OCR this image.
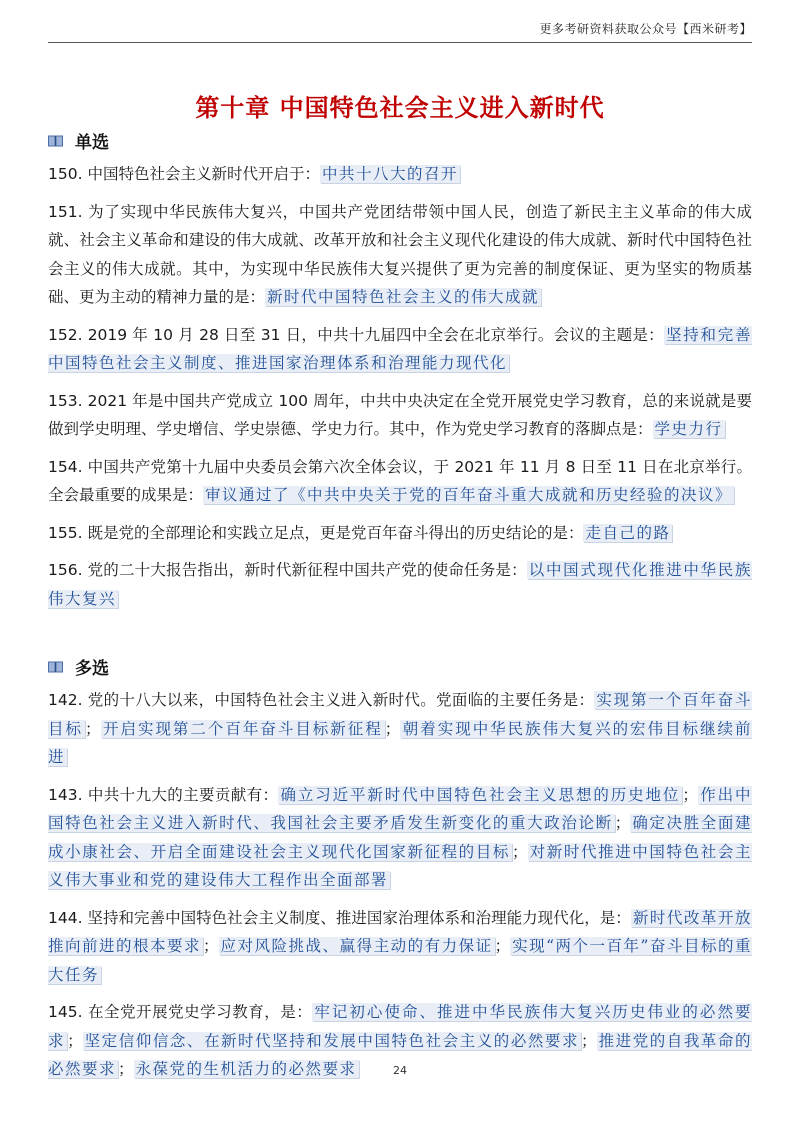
更多考研资料获取公众号【西米研考】
第十章 中国特色社会主义进入新时代
单选

150. 中国特色社会主义新时代开启于： 中共十八大的召开

151. 为了实现中华民族伟大复兴，中国共产党团结带领中国人民，创造了新民主主义革命的伟大成就、社会主义革命和建设的伟大成就、改革开放和社会主义现代化建设的伟大成就、新时代中国特色社会主义的伟大成就。其中，为实现中华民族伟大复兴提供了更为完善的制度保证、更为坚实的物质基础、更为主动的精神力量的是： 新时代中国特色社会主义的伟大成就

152. 2019 年 10 月 28 日至 31 日，中共十九届四中全会在北京举行。会议的主题是： 坚持和完善中国特色社会主义制度、推进国家治理体系和治理能力现代化

153. 2021 年是中国共产党成立 100 周年，中共中央决定在全党开展党史学习教育，总的来说就是要做到学史明理、学史增信、学史崇德、学史力行。其中，作为党史学习教育的落脚点是： 学史力行

154. 中国共产党第十九届中央委员会第六次全体会议，于 2021 年 11 月 8 日至 11 日在北京举行。全会最重要的成果是： 审议通过了《中共中央关于党的百年奋斗重大成就和历史经验的决议》

155. 既是党的全部理论和实践立足点，更是党百年奋斗得出的历史结论的是： 走自己的路

156. 党的二十大报告指出，新时代新征程中国共产党的使命任务是： 以中国式现代化推进中华民族伟大复兴

多选

142. 党的十八大以来，中国特色社会主义进入新时代。党面临的主要任务是： 实现第一个百年奋斗目标 ； 开启实现第二个百年奋斗目标新征程 ； 朝着实现中华民族伟大复兴的宏伟目标继续前进

143. 中共十九大的主要贡献有： 确立习近平新时代中国特色社会主义思想的历史地位 ； 作出中国特色社会主义进入新时代、我国社会主要矛盾发生新变化的重大政治论断 ； 确定决胜全面建成小康社会、开启全面建设社会主义现代化国家新征程的目标 ； 对新时代推进中国特色社会主义伟大事业和党的建设伟大工程作出全面部署

144. 坚持和完善中国特色社会主义制度、推进国家治理体系和治理能力现代化，是： 新时代改革开放推向前进的根本要求 ； 应对风险挑战、赢得主动的有力保证 ； 实现“两个一百年”奋斗目标的重大任务

145. 在全党开展党史学习教育，是： 牢记初心使命、推进中华民族伟大复兴历史伟业的必然要求 ； 坚定信仰信念、在新时代坚持和发展中国特色社会主义的必然要求 ； 推进党的自我革命的必然要求 ； 永葆党的生机活力的必然要求	24
